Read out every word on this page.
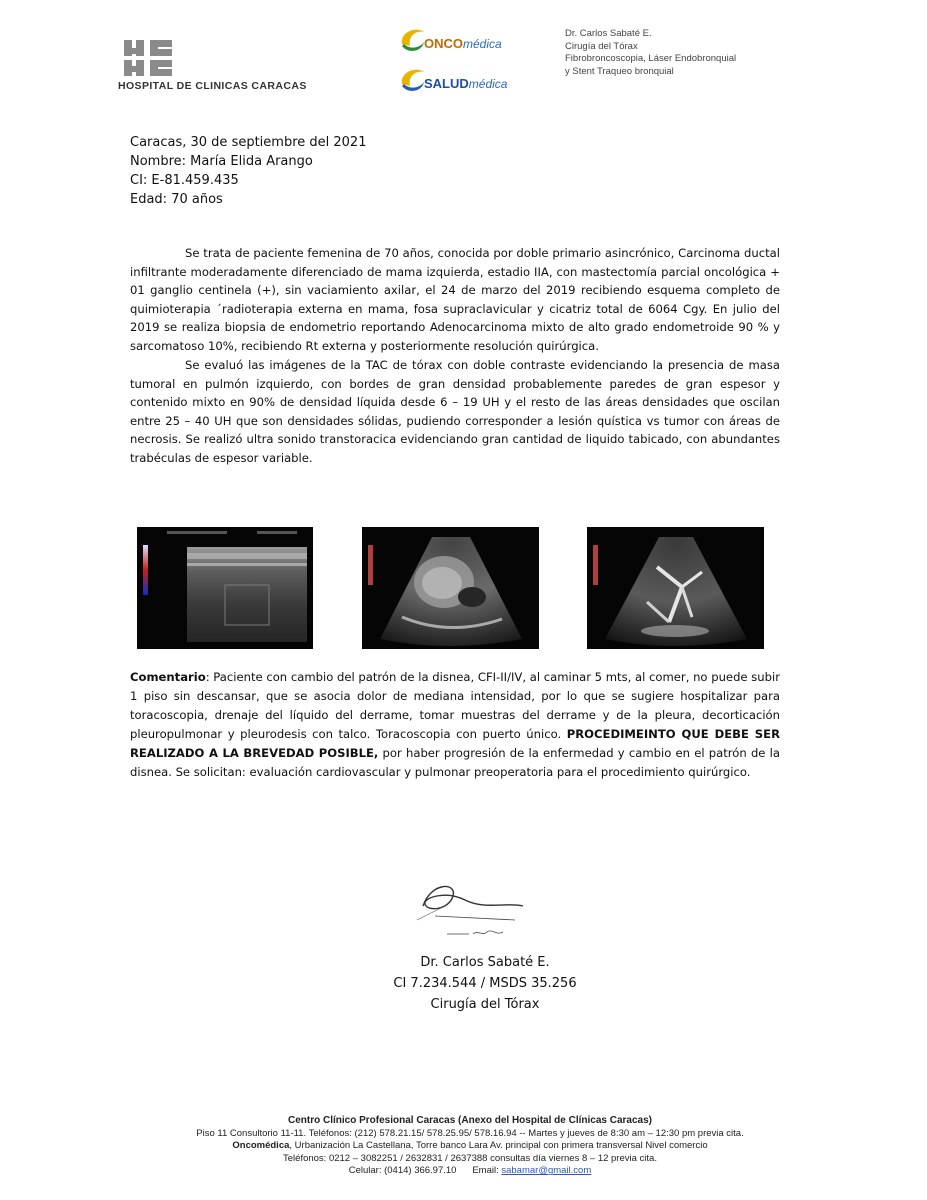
HOSPITAL DE CLINICAS CARACAS
ONCOmédica
SALUDmédica
Dr. Carlos Sabaté E.
Cirugía del Tórax
Fibrobroncoscopia, Láser Endobronquial
y Stent Traqueo bronquial
Caracas, 30 de septiembre del 2021
Nombre: María Elida Arango
CI: E-81.459.435
Edad: 70 años

Se trata de paciente femenina de 70 años, conocida por doble primario asincrónico, Carcinoma ductal infiltrante moderadamente diferenciado de mama izquierda, estadio IIA, con mastectomía parcial oncológica + 01 ganglio centinela (+), sin vaciamiento axilar, el 24 de marzo del 2019 recibiendo esquema completo de quimioterapia ´radioterapia externa en mama, fosa supraclavicular y cicatriz total de 6064 Cgy. En julio del 2019 se realiza biopsia de endometrio reportando Adenocarcinoma mixto de alto grado endometroide 90 % y sarcomatoso 10%, recibiendo Rt externa y posteriormente resolución quirúrgica.

Se evaluó las imágenes de la TAC de tórax con doble contraste evidenciando la presencia de masa tumoral en pulmón izquierdo, con bordes de gran densidad probablemente paredes de gran espesor y contenido mixto en 90% de densidad líquida desde 6 – 19 UH y el resto de las áreas densidades que oscilan entre 25 – 40 UH que son densidades sólidas, pudiendo corresponder a lesión quística vs tumor con áreas de necrosis. Se realizó ultra sonido transtoracica evidenciando gran cantidad de liquido tabicado, con abundantes trabéculas de espesor variable.

Comentario: Paciente con cambio del patrón de la disnea, CFI-II/IV, al caminar 5 mts, al comer, no puede subir 1 piso sin descansar, que se asocia dolor de mediana intensidad, por lo que se sugiere hospitalizar para toracoscopia, drenaje del líquido del derrame, tomar muestras del derrame y de la pleura, decorticación pleuropulmonar y pleurodesis con talco. Toracoscopia con puerto único. PROCEDIMEINTO QUE DEBE SER REALIZADO A LA BREVEDAD POSIBLE, por haber progresión de la enfermedad y cambio en el patrón de la disnea. Se solicitan: evaluación cardiovascular y pulmonar preoperatoria para el procedimiento quirúrgico.

Dr. Carlos Sabaté E.
CI 7.234.544 / MSDS 35.256
Cirugía del Tórax
Centro Clínico Profesional Caracas (Anexo del Hospital de Clínicas Caracas)
Piso 11 Consultorio 11-11. Teléfonos: (212) 578.21.15/ 578.25.95/ 578.16.94 -- Martes y jueves de 8:30 am – 12:30 pm previa cita.
Oncomédica, Urbanización La Castellana, Torre banco Lara Av. principal con primera transversal Nivel comercio
Teléfonos: 0212 – 3082251 / 2632831 / 2637388 consultas día viernes 8 – 12 previa cita.
Celular: (0414) 366.97.10 Email: sabamar@gmail.com
